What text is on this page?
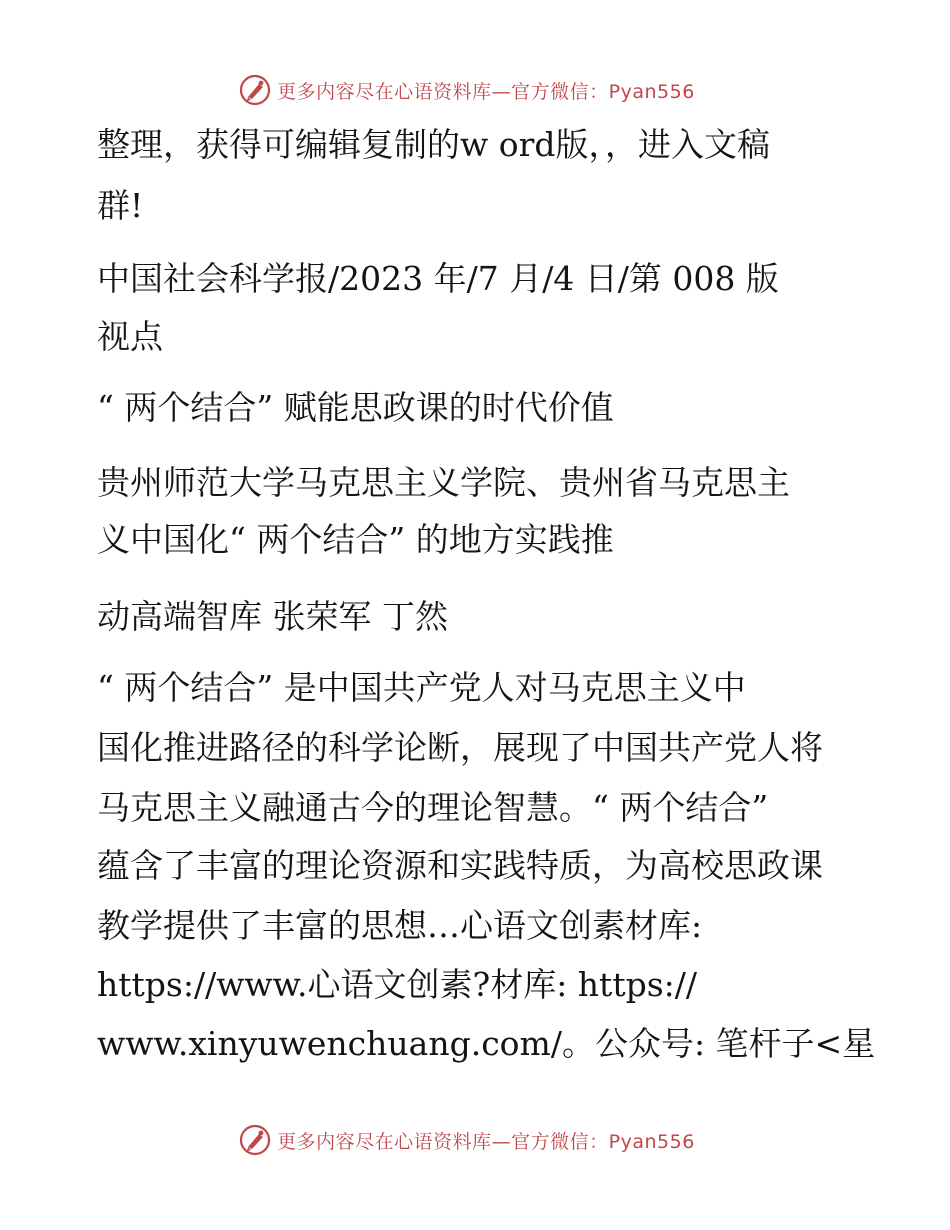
更多内容尽在心语资料库—官方微信：Pyan556
整理，获得可编辑复制的w ord版，，进入文稿
群!
中国社会科学报/2023 年/7 月/4 日/第 008 版
视点
“ 两个结合” 赋能思政课的时代价值
贵州师范大学马克思主义学院、贵州省马克思主
义中国化“ 两个结合” 的地方实践推
动高端智库 张荣军 丁然
“ 两个结合” 是中国共产党人对马克思主义中
国化推进路径的科学论断，展现了中国共产党人将
马克思主义融通古今的理论智慧。“ 两个结合”
蕴含了丰富的理论资源和实践特质，为高校思政课
教学提供了丰富的思想…心语文创素材库:
https://www.心语文创素?材库: https://
www.xinyuwenchuang.com/。公众号: 笔杆子<星
更多内容尽在心语资料库—官方微信：Pyan556
